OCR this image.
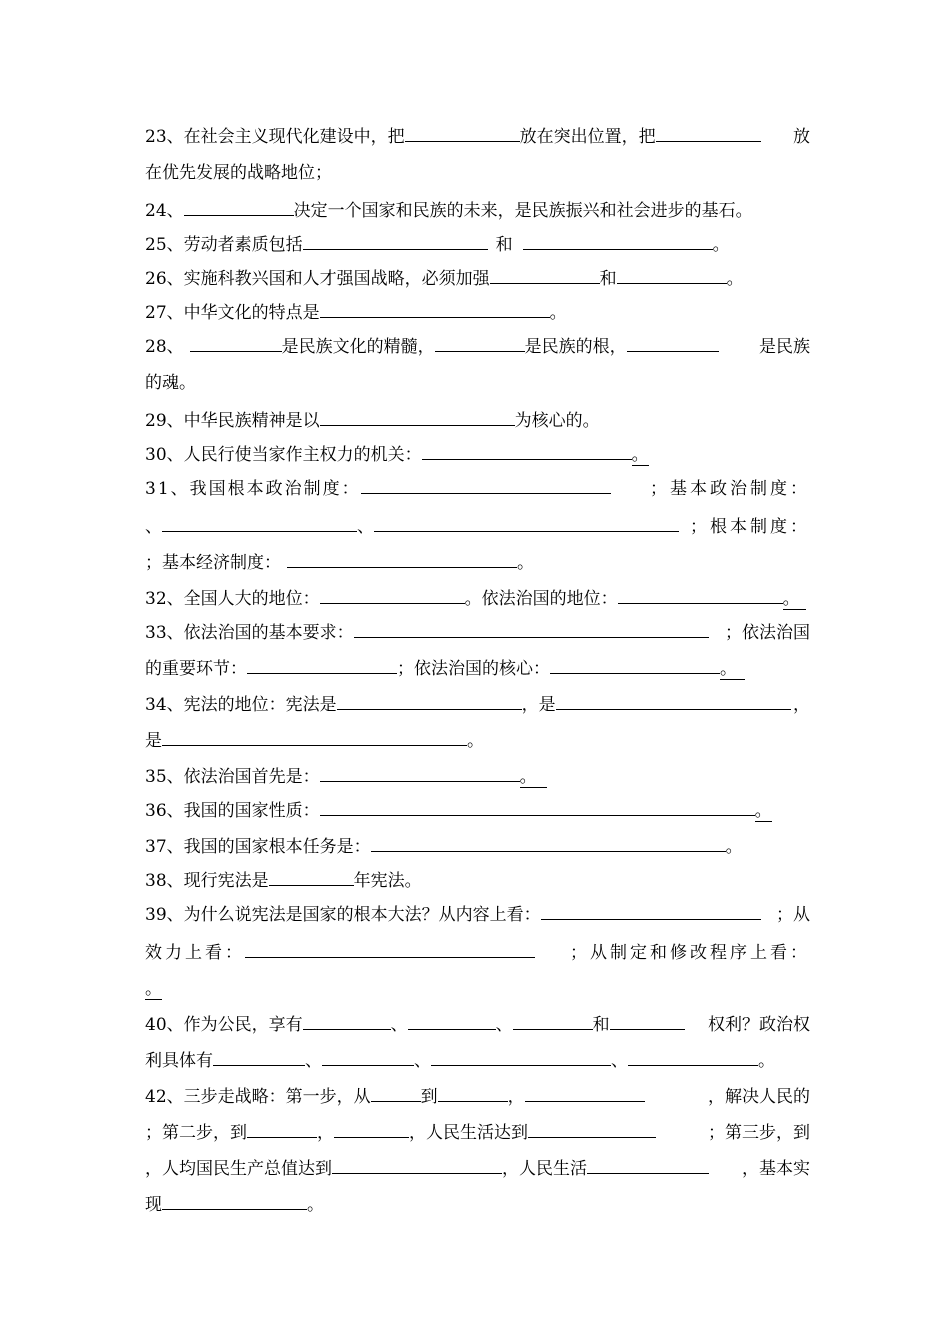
23、在社会主义现代化建设中，把	放在突出位置，把	放
在优先发展的战略地位；
24、	决定一个国家和民族的未来，是民族振兴和社会进步的基石。
25、劳动者素质包括	和	。
26、实施科教兴国和人才强国战略，必须加强	和	。
27、中华文化的特点是	。
28、	是民族文化的精髓，	是民族的根，	是民族
的魂。
29、中华民族精神是以	为核心的。
30、人民行使当家作主权力的机关：	。
31、我国根本政治制度：	；基本政治制度：
、	、	；根本制度：
；基本经济制度：	。
32、全国人大的地位：	。依法治国的地位：	。
33、依法治国的基本要求：	；依法治国
的重要环节：	；依法治国的核心：	。
34、宪法的地位：宪法是	，是	，
是	。
35、依法治国首先是：	。
36、我国的国家性质：	。
37、我国的国家根本任务是：	。
38、现行宪法是	年宪法。
39、为什么说宪法是国家的根本大法？从内容上看：	；从
效力上看：	；从制定和修改程序上看：
。
40、作为公民，享有	、	、	和	权利？政治权
利具体有	、	、	、	。
42、三步走战略：第一步，从	到	，	，解决人民的
；第二步，到	，	，人民生活达到	；第三步，到
，人均国民生产总值达到	，人民生活	，基本实
现	。
